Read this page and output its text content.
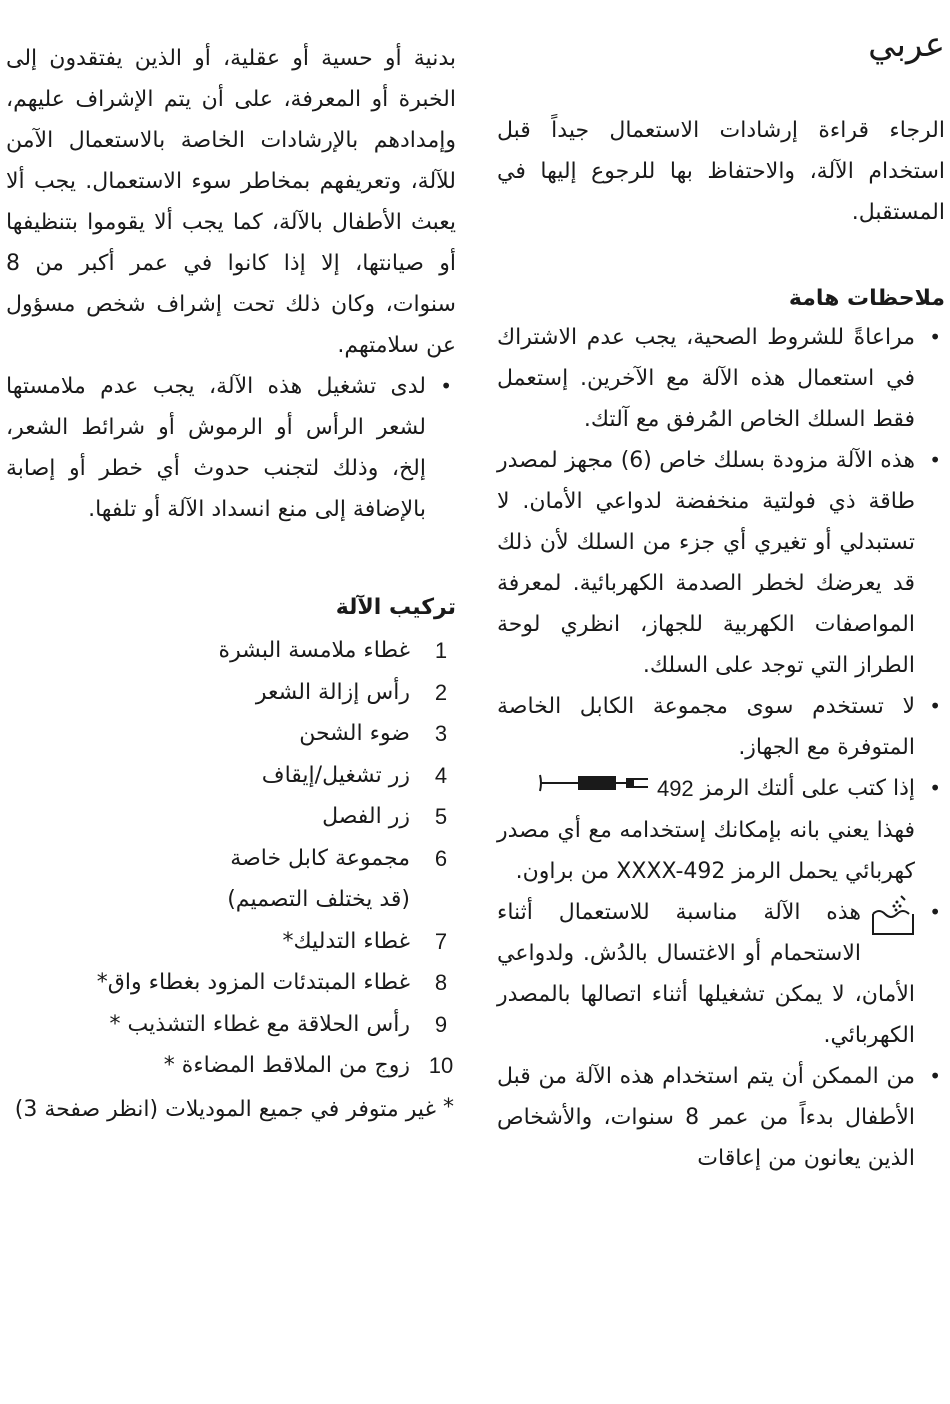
عربي

الرجاء قراءة إرشادات الاستعمال جيداً قبل استخدام الآلة، والاحتفاظ بها للرجوع إليها في المستقبل.

ملاحظات هامة
•
مراعاةً للشروط الصحية، يجب عدم الاشتراك في استعمال هذه الآلة مع الآخرين. إستعمل فقط السلك الخاص المُرفق مع آلتك.
•
هذه الآلة مزودة بسلك خاص (6) مجهز لمصدر طاقة ذي فولتية منخفضة لدواعي الأمان. لا تستبدلي أو تغيري أي جزء من السلك لأن ذلك قد يعرضك لخطر الصدمة الكهربائية. لمعرفة المواصفات الكهربية للجهاز، انظري لوحة الطراز التي توجد على السلك.
•
لا تستخدم سوى مجموعة الكابل الخاصة المتوفرة مع الجهاز.
•
إذا كتب على ألتك الرمز  492
فهذا يعني بانه بإمكانك إستخدامه مع أي مصدر كهربائي يحمل الرمز XXXX-492 من براون.
•
هذه الآلة مناسبة للاستعمال أثناء الاستحمام أو الاغتسال بالدُش. ولدواعي الأمان، لا يمكن تشغيلها أثناء اتصالها بالمصدر الكهربائي.
•
من الممكن أن يتم استخدام هذه الآلة من قبل الأطفال بدءاً من عمر 8 سنوات، والأشخاص الذين يعانون من إعاقات

بدنية أو حسية أو عقلية، أو الذين يفتقدون إلى الخبرة أو المعرفة، على أن يتم الإشراف عليهم، وإمدادهم بالإرشادات الخاصة بالاستعمال الآمن للآلة، وتعريفهم بمخاطر سوء الاستعمال. يجب ألا يعبث الأطفال بالآلة، كما يجب ألا يقوموا بتنظيفها أو صيانتها، إلا إذا كانوا في عمر أكبر من 8 سنوات، وكان ذلك تحت إشراف شخص مسؤول عن سلامتهم.

•
لدى تشغيل هذه الآلة، يجب عدم ملامستها لشعر الرأس أو الرموش أو شرائط الشعر، إلخ، وذلك لتجنب حدوث أي خطر أو إصابة بالإضافة إلى منع انسداد الآلة أو تلفها.
تركيب الآلة
1
غطاء ملامسة البشرة
2
رأس إزالة الشعر
3
ضوء الشحن
4
زر تشغيل/إيقاف
5
زر الفصل
6
مجموعة كابل خاصة
(قد يختلف التصميم)
7
غطاء التدليك*
8
غطاء المبتدئات المزود بغطاء واق*
9
رأس الحلاقة مع غطاء التشذيب *
10
زوج من الملاقط المضاءة *
*
غير متوفر في جميع الموديلات (انظر صفحة 3)
